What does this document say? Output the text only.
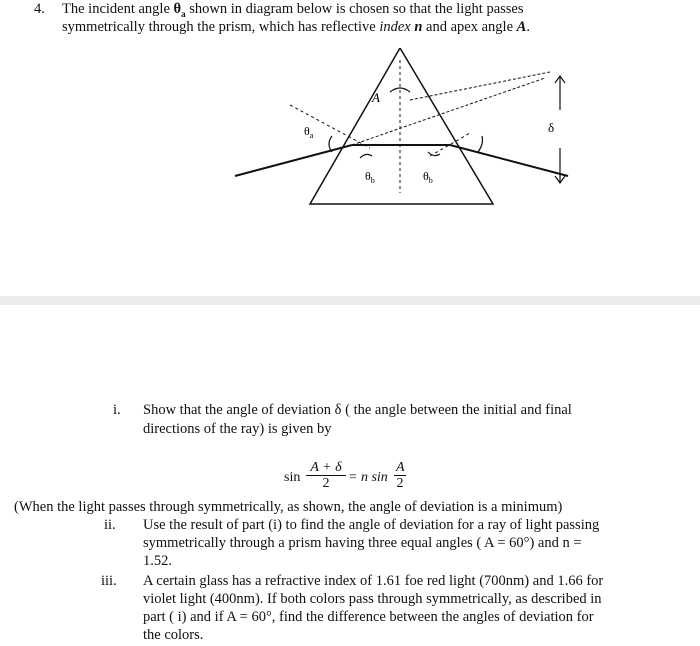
4. The incident angle $\theta_a$ shown in diagram below is chosen so that the light passes
symmetrically through the prism, which has reflective index n and apex angle A.
A
$\theta_a$
$\theta_b$	$\theta_b$
δ
i. Show that the angle of deviation δ ( the angle between the initial and final
directions of the ray) is given by
$\sin \frac{A + \delta}{2} = n$ $\sin \frac{A}{2}$
(When the light passes through symmetrically, as shown, the angle of deviation is a minimum)
ii. Use the result of part (i) to find the angle of deviation for a ray of light passing
symmetrically through a prism having three equal angles ( A = 60°) and n =
1.52.
iii. A certain glass has a refractive index of 1.61 foe red light (700nm) and 1.66 for
violet light (400nm). If both colors pass through symmetrically, as described in
part ( i) and if A = 60°, find the difference between the angles of deviation for
the colors.
